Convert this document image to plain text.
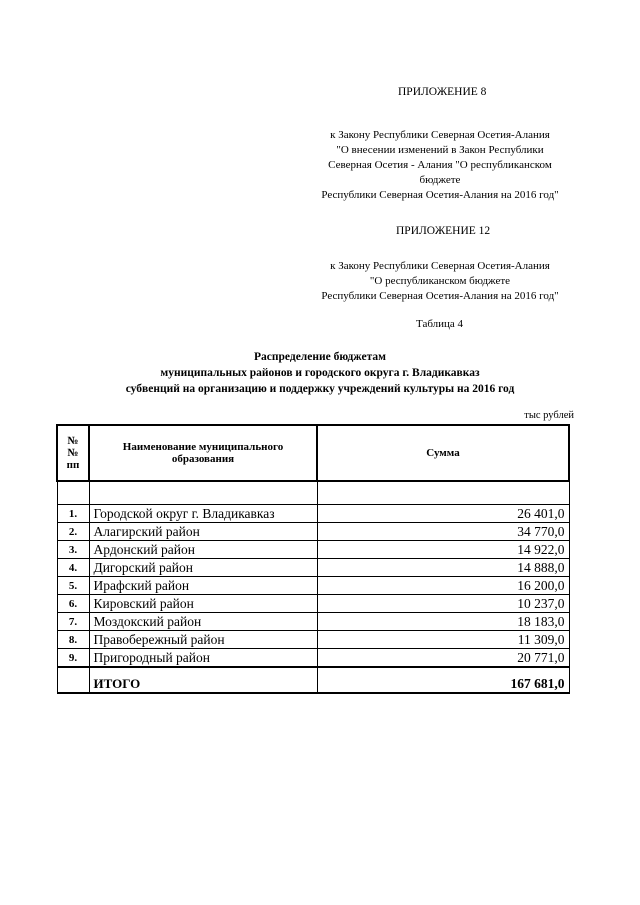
ПРИЛОЖЕНИЕ 8
к Закону Республики Северная Осетия-Алания
"О внесении изменений в Закон Республики
Северная Осетия - Алания "О республиканском
бюджете
Республики Северная Осетия-Алания на 2016 год"
ПРИЛОЖЕНИЕ 12
к Закону Республики Северная Осетия-Алания
"О республиканском бюджете
Республики Северная Осетия-Алания на 2016 год"
Таблица 4
Распределение бюджетам
муниципальных районов и городского округа г. Владикавказ
субвенций на организацию и поддержку учреждений культуры на 2016 год
тыс рублей
№№ пп	Наименование муниципального образования	Сумма

1.	Городской округ г. Владикавказ	26 401,0
2.	Алагирский район	34 770,0
3.	Ардонский район	14 922,0
4.	Дигорский район	14 888,0
5.	Ирафский район	16 200,0
6.	Кировский район	10 237,0
7.	Моздокский район	18 183,0
8.	Правобережный район	11 309,0
9.	Пригородный район	20 771,0
	ИТОГО	167 681,0
